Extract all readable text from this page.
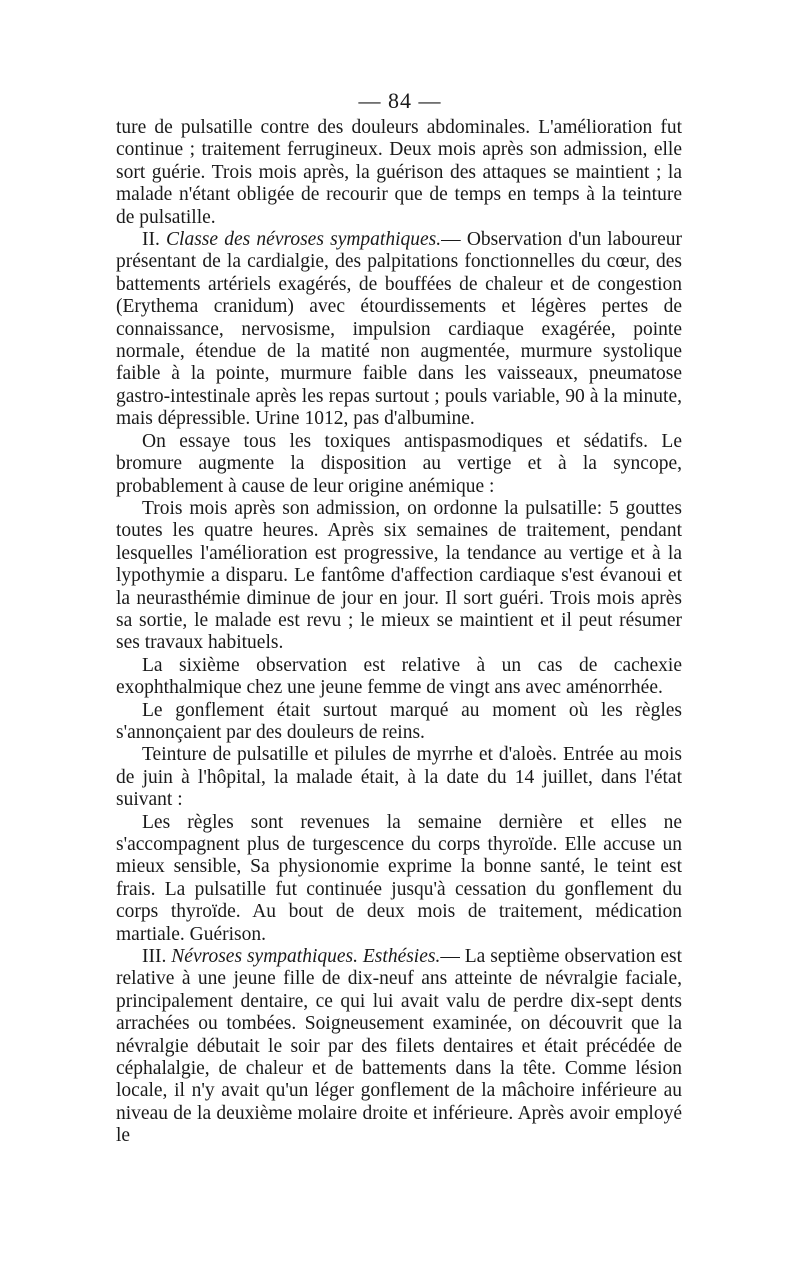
— 84 —

ture de pulsatille contre des douleurs abdominales. L'amélioration fut continue ; traitement ferrugineux. Deux mois après son admission, elle sort guérie. Trois mois après, la guérison des attaques se maintient ; la malade n'étant obligée de recourir que de temps en temps à la teinture de pulsatille.

II. Classe des névroses sympathiques.— Observation d'un laboureur présentant de la cardialgie, des palpitations fonctionnelles du cœur, des battements artériels exagérés, de bouffées de chaleur et de congestion (Erythema cranidum) avec étourdissements et légères pertes de connaissance, nervosisme, impulsion cardiaque exagérée, pointe normale, étendue de la matité non augmentée, murmure systolique faible à la pointe, murmure faible dans les vaisseaux, pneumatose gastro-intestinale après les repas surtout ; pouls variable, 90 à la minute, mais dépressible. Urine 1012, pas d'albumine.

On essaye tous les toxiques antispasmodiques et sédatifs. Le bromure augmente la disposition au vertige et à la syncope, probablement à cause de leur origine anémique :

Trois mois après son admission, on ordonne la pulsatille: 5 gouttes toutes les quatre heures. Après six semaines de traitement, pendant lesquelles l'amélioration est progressive, la tendance au vertige et à la lypothymie a disparu. Le fantôme d'affection cardiaque s'est évanoui et la neurasthémie diminue de jour en jour. Il sort guéri. Trois mois après sa sortie, le malade est revu ; le mieux se maintient et il peut résumer ses travaux habituels.

La sixième observation est relative à un cas de cachexie exophthalmique chez une jeune femme de vingt ans avec aménorrhée.

Le gonflement était surtout marqué au moment où les règles s'annonçaient par des douleurs de reins.

Teinture de pulsatille et pilules de myrrhe et d'aloès. Entrée au mois de juin à l'hôpital, la malade était, à la date du 14 juillet, dans l'état suivant :

Les règles sont revenues la semaine dernière et elles ne s'accompagnent plus de turgescence du corps thyroïde. Elle accuse un mieux sensible, Sa physionomie exprime la bonne santé, le teint est frais. La pulsatille fut continuée jusqu'à cessation du gonflement du corps thyroïde. Au bout de deux mois de traitement, médication martiale. Guérison.

III. Névroses sympathiques. Esthésies.— La septième observation est relative à une jeune fille de dix-neuf ans atteinte de névralgie faciale, principalement dentaire, ce qui lui avait valu de perdre dix-sept dents arrachées ou tombées. Soigneusement examinée, on découvrit que la névralgie débutait le soir par des filets dentaires et était précédée de céphalalgie, de chaleur et de battements dans la tête. Comme lésion locale, il n'y avait qu'un léger gonflement de la mâchoire inférieure au niveau de la deuxième molaire droite et inférieure. Après avoir employé le
